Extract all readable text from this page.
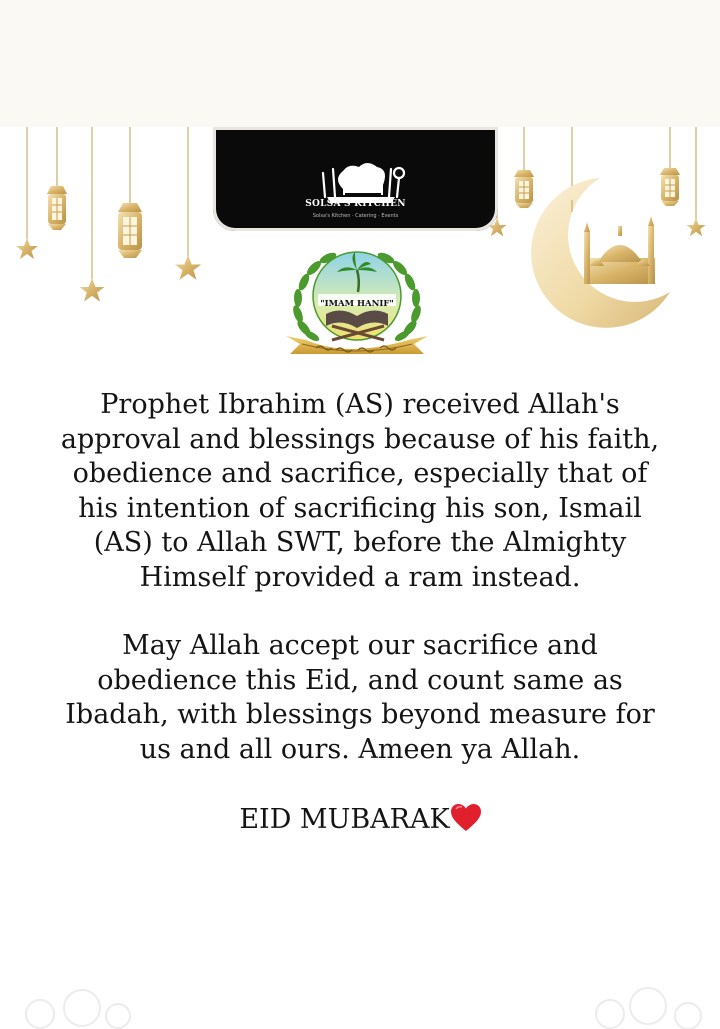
SOLSA'S KITCHEN
Solsa's Kitchen · Catering · Events
"IMAM HANIF"

Prophet Ibrahim (AS) received Allah's
approval and blessings because of his faith,
obedience and sacrifice, especially that of
his intention of sacrificing his son, Ismail
(AS) to Allah SWT, before the Almighty
Himself provided a ram instead.

May Allah accept our sacrifice and
obedience this Eid, and count same as
Ibadah, with blessings beyond measure for
us and all ours. Ameen ya Allah.

EID MUBARAK
